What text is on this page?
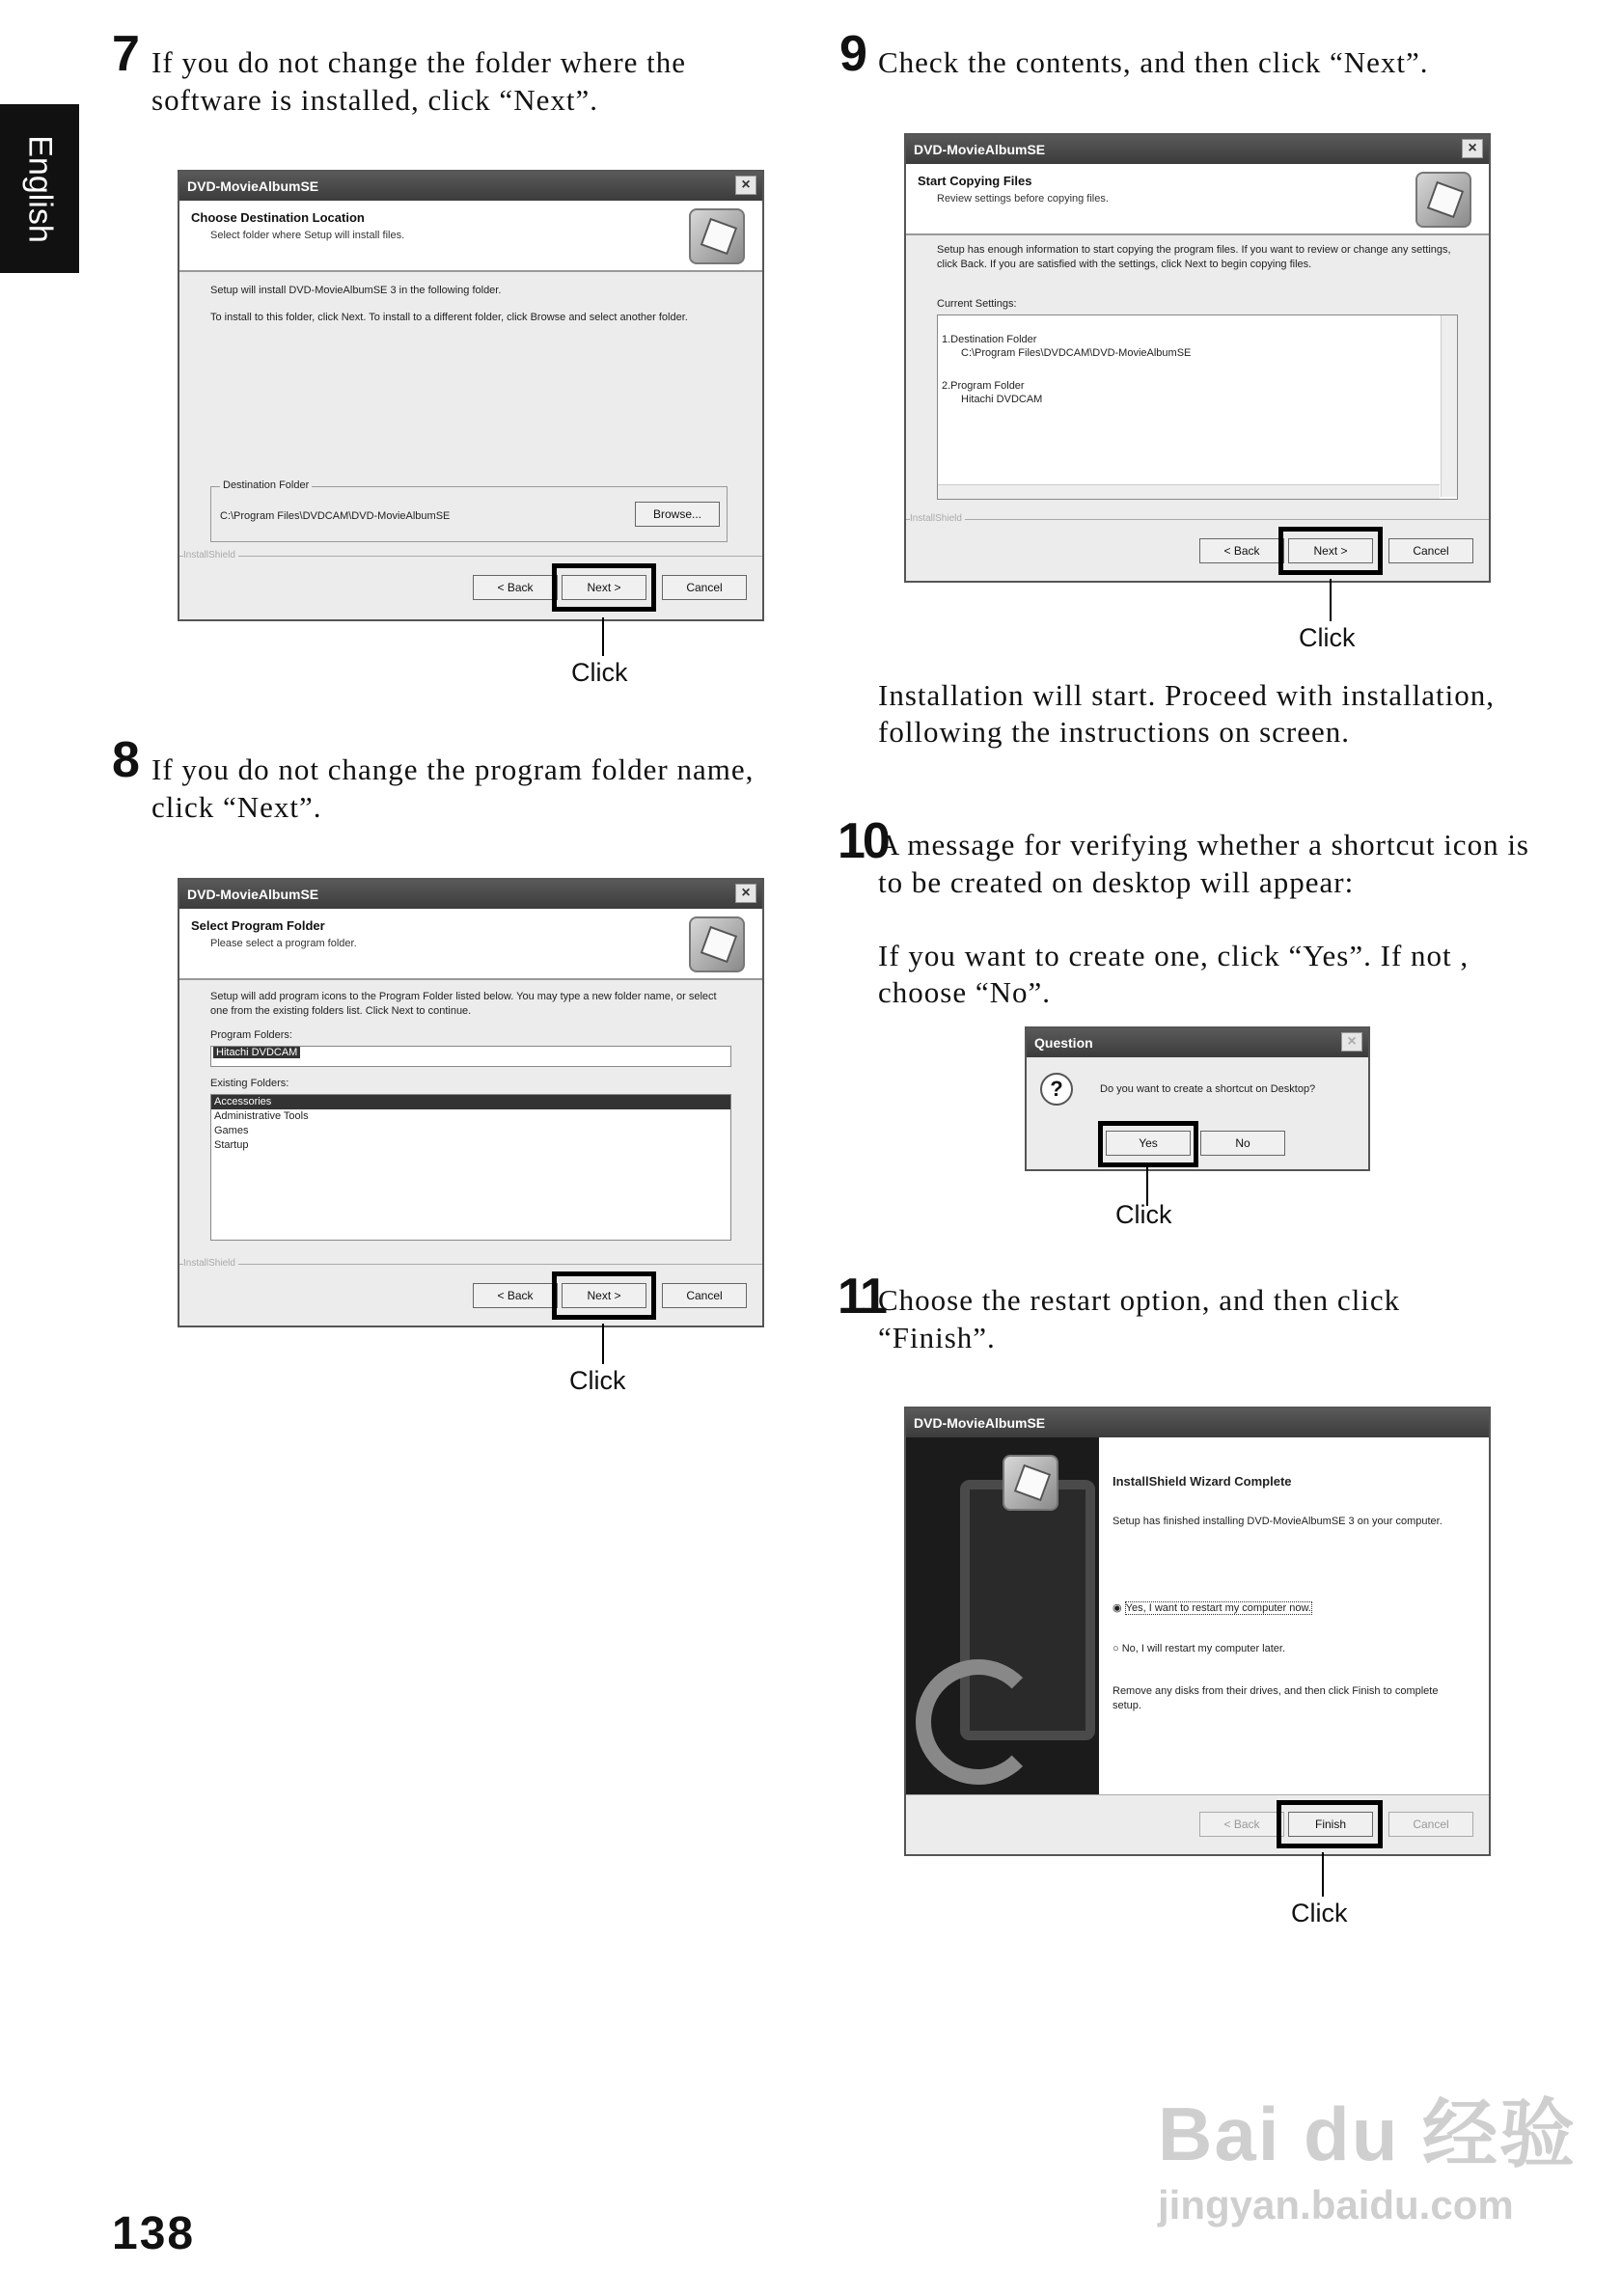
English
7 If you do not change the folder where the software is installed, click “Next”.
DVD-MovieAlbumSE	×
Choose Destination Location
Select folder where Setup will install files.
Setup will install DVD-MovieAlbumSE 3 in the following folder.
To install to this folder, click Next. To install to a different folder, click Browse and select another folder.
Destination Folder
C:\Program Files\DVDCAM\DVD-MovieAlbumSE	Browse...
InstallShield
< Back	Next >	Cancel
Click
8 If you do not change the program folder name, click “Next”.
DVD-MovieAlbumSE	×
Select Program Folder
Please select a program folder.
Setup will add program icons to the Program Folder listed below. You may type a new folder name, or select one from the existing folders list. Click Next to continue.
Program Folders:
Hitachi DVDCAM
Existing Folders:
Accessories
Administrative Tools
Games
Startup
InstallShield
< Back	Next >	Cancel
Click
138
9 Check the contents, and then click “Next”.
DVD-MovieAlbumSE	×
Start Copying Files
Review settings before copying files.
Setup has enough information to start copying the program files. If you want to review or change any settings, click Back. If you are satisfied with the settings, click Next to begin copying files.
Current Settings:
1.Destination Folder
C:\Program Files\DVDCAM\DVD-MovieAlbumSE
2.Program Folder
Hitachi DVDCAM
InstallShield
< Back	Next >	Cancel
Click
Installation will start. Proceed with installation, following the instructions on screen.
10
A message for verifying whether a shortcut icon is to be created on desktop will appear:
If you want to create one, click “Yes”. If not , choose “No”.
Question	×
?	Do you want to create a shortcut on Desktop?
Yes	No
Click
11
Choose the restart option, and then click “Finish”.
DVD-MovieAlbumSE
InstallShield Wizard Complete
Setup has finished installing DVD-MovieAlbumSE 3 on your computer.
◉ Yes, I want to restart my computer now.
○ No, I will restart my computer later.
Remove any disks from their drives, and then click Finish to complete setup.
< Back	Finish	Cancel
Click
Bai du 经验
jingyan.baidu.com
